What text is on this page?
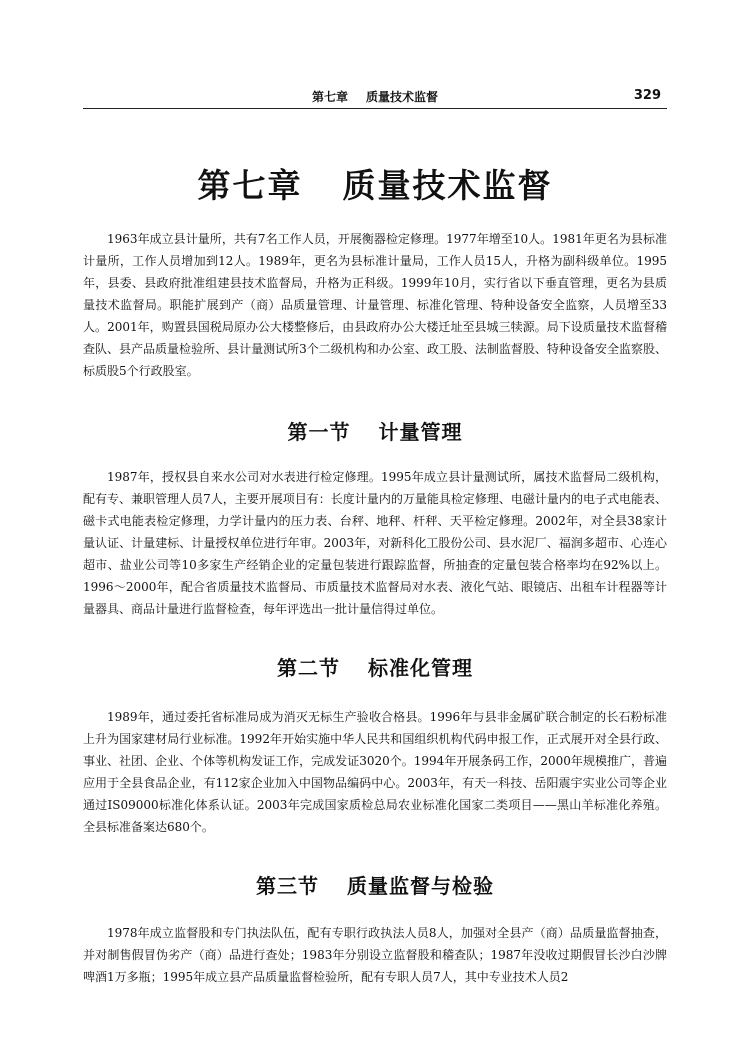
第七章 质量技术监督	329
第七章 质量技术监督

1963年成立县计量所，共有7名工作人员，开展衡器检定修理。1977年增至10人。1981年更名为县标准计量所，工作人员增加到12人。1989年，更名为县标准计量局，工作人员15人，升格为副科级单位。1995年，县委、县政府批准组建县技术监督局，升格为正科级。1999年10月，实行省以下垂直管理，更名为县质量技术监督局。职能扩展到产（商）品质量管理、计量管理、标准化管理、特种设备安全监察，人员增至33人。2001年，购置县国税局原办公大楼整修后，由县政府办公大楼迁址至县城三犊源。局下设质量技术监督稽查队、县产品质量检验所、县计量测试所3个二级机构和办公室、政工股、法制监督股、特种设备安全监察股、标质股5个行政股室。

第一节 计量管理

1987年，授权县自来水公司对水表进行检定修理。1995年成立县计量测试所，属技术监督局二级机构，配有专、兼职管理人员7人，主要开展项目有：长度计量内的万量能具检定修理、电磁计量内的电子式电能表、磁卡式电能表检定修理，力学计量内的压力表、台秤、地秤、杆秤、天平检定修理。2002年，对全县38家计量认证、计量建标、计量授权单位进行年审。2003年，对新科化工股份公司、县水泥厂、福润多超市、心连心超市、盐业公司等10多家生产经销企业的定量包装进行跟踪监督，所抽查的定量包装合格率均在92%以上。1996～2000年，配合省质量技术监督局、市质量技术监督局对水表、液化气站、眼镜店、出租车计程器等计量器具、商品计量进行监督检查，每年评选出一批计量信得过单位。

第二节 标准化管理

1989年，通过委托省标准局成为消灭无标生产验收合格县。1996年与县非金属矿联合制定的长石粉标准上升为国家建材局行业标准。1992年开始实施中华人民共和国组织机构代码申报工作，正式展开对全县行政、事业、社团、企业、个体等机构发证工作，完成发证3020个。1994年开展条码工作，2000年规模推广，普遍应用于全县食品企业，有112家企业加入中国物品编码中心。2003年，有天一科技、岳阳震宇实业公司等企业通过IS09000标准化体系认证。2003年完成国家质检总局农业标准化国家二类项目——黑山羊标准化养殖。全县标准备案达680个。

第三节 质量监督与检验

1978年成立监督股和专门执法队伍，配有专职行政执法人员8人，加强对全县产（商）品质量监督抽查，并对制售假冒伪劣产（商）品进行查处；1983年分别设立监督股和稽查队；1987年没收过期假冒长沙白沙牌啤酒1万多瓶；1995年成立县产品质量监督检验所，配有专职人员7人，其中专业技术人员2
